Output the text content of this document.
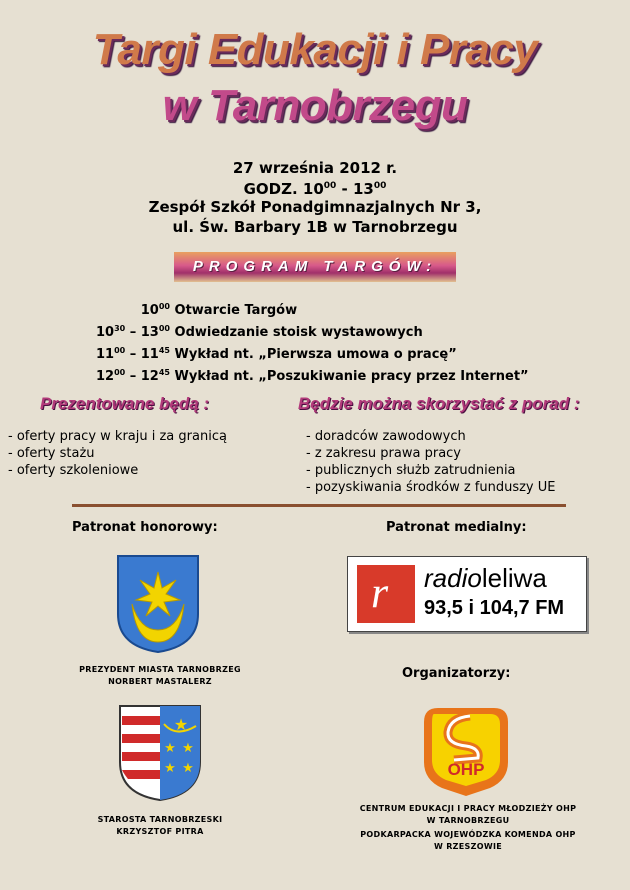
Targi Edukacji i Pracy
w Tarnobrzegu
27 września 2012 r.
GODZ. $10^{00} - 13^{00}$
Zespół Szkół Ponadgimnazjalnych Nr 3,
ul. Św. Barbary 1B w Tarnobrzegu
PROGRAM TARGÓW:
$10^{00}$ Otwarcie Targów
$10^{30} - 13^{00}$ Odwiedzanie stoisk wystawowych
$11^{00} - 11^{45}$ Wykład nt. „Pierwsza umowa o pracę”
$12^{00} - 12^{45}$ Wykład nt. „Poszukiwanie pracy przez Internet”
Prezentowane będą :	Będzie można skorzystać z porad :
- oferty pracy w kraju i za granicą
- oferty stażu
- oferty szkoleniowe
- doradców zawodowych
- z zakresu prawa pracy
- publicznych służb zatrudnienia
- pozyskiwania środków z funduszy UE
Patronat honorowy:	Patronat medialny:
PREZYDENT MIASTA TARNOBRZEG
NORBERT MASTALERZ
★
★ ★
★ ★
STAROSTA TARNOBRZESKI
KRZYSZTOF PITRA
r radioleliwa
93,5 i 104,7 FM
Organizatorzy:
OHP
CENTRUM EDUKACJI I PRACY MŁODZIEŻY OHP
W TARNOBRZEGU
PODKARPACKA WOJEWÓDZKA KOMENDA OHP
W RZESZOWIE
